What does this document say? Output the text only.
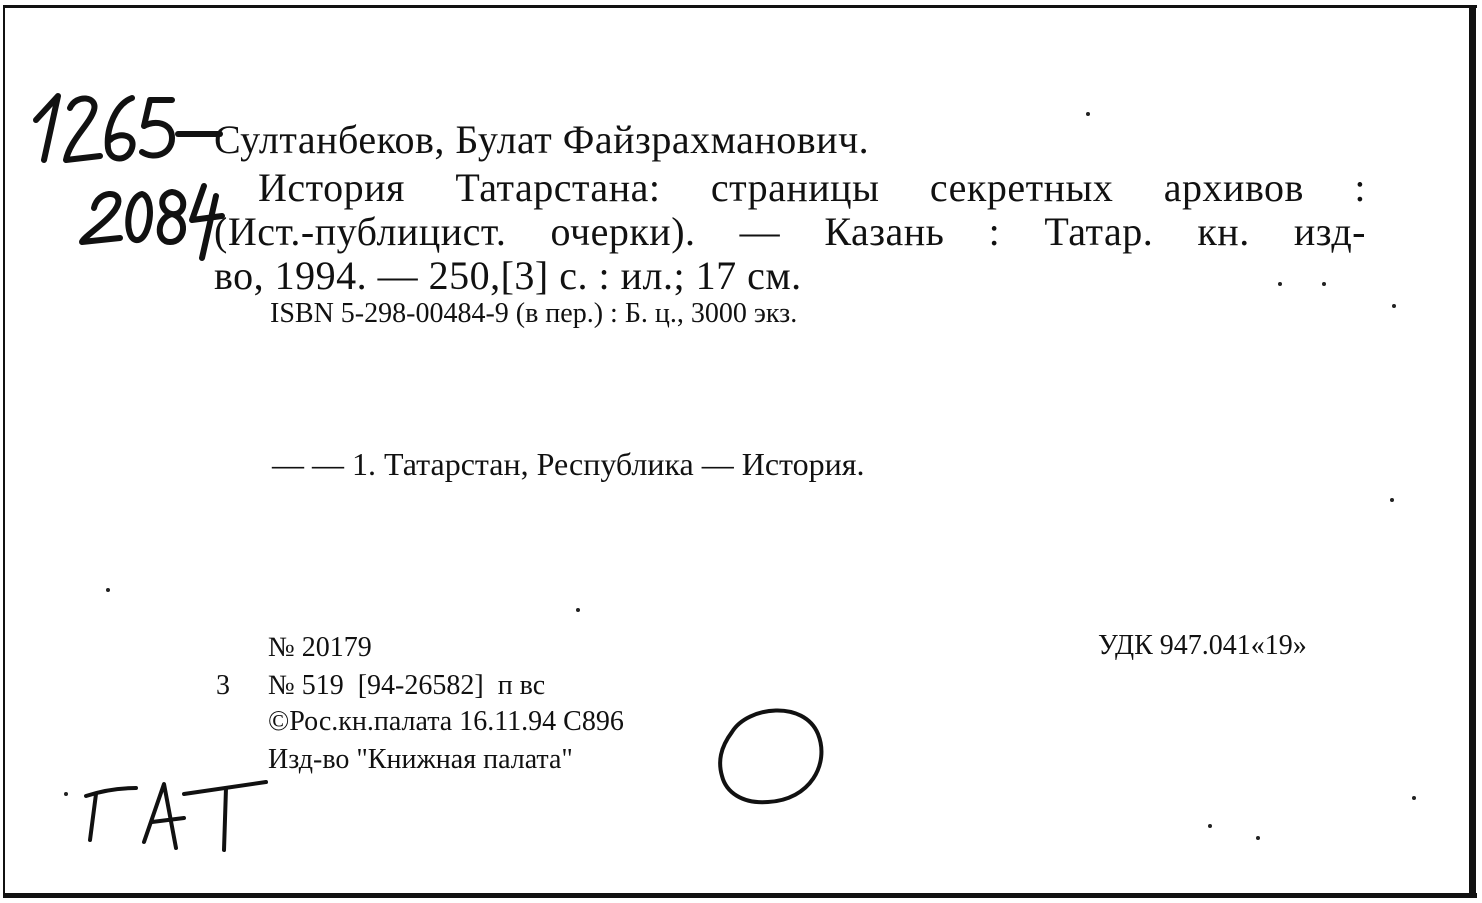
Султанбеков, Булат Файзрахманович.
История Татарстана: страницы секретных архивов :
(Ист.-публицист. очерки). — Казань : Татар. кн. изд-
во, 1994. — 250,[3] с. : ил.; 17 см.
ISBN 5-298-00484-9 (в пер.) : Б. ц., 3000 экз.
— — 1. Татарстан, Республика — История.
№ 20179	УДК 947.041«19»
3 № 519  [94-26582]  п вс
©Рос.кн.палата 16.11.94 С896
Изд-во "Книжная палата"
